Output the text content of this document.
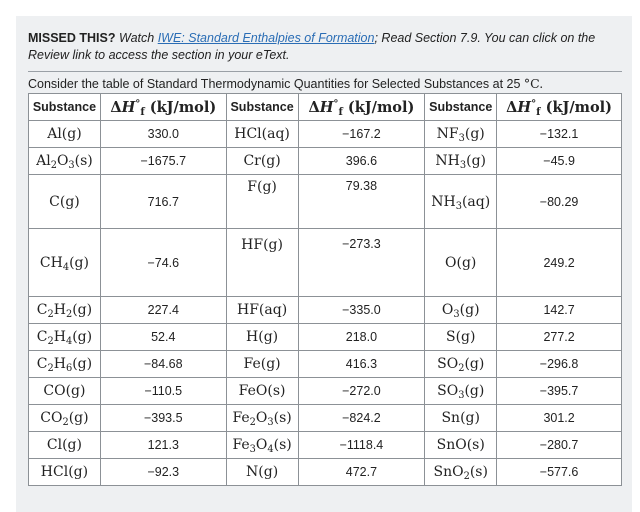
MISSED THIS? Watch IWE: Standard Enthalpies of Formation; Read Section 7.9. You can click on the Review link to access the section in your eText.
Consider the table of Standard Thermodynamic Quantities for Selected Substances at 25 °C.
Substance	$\Delta H^\circ_f$ (kJ/mol)	Substance	$\Delta H^\circ_f$ (kJ/mol)	Substance	$\Delta H^\circ_f$ (kJ/mol)
Al(g)	330.0	HCl(aq)	−167.2	$NF_3(g)$	−132.1
$Al_2O_3(s)$	−1675.7	Cr(g)	396.6	$NH_3(g)$	−45.9
C(g)	716.7	F(g)	79.38	$NH_3(aq)$	−80.29
$CH_4(g)$	−74.6	HF(g)	−273.3	O(g)	249.2
$C_2H_2(g)$	227.4	HF(aq)	−335.0	$O_3(g)$	142.7
$C_2H_4(g)$	52.4	H(g)	218.0	S(g)	277.2
$C_2H_6(g)$	−84.68	Fe(g)	416.3	$SO_2(g)$	−296.8
CO(g)	−110.5	FeO(s)	−272.0	$SO_3(g)$	−395.7
$CO_2(g)$	−393.5	$Fe_2O_3(s)$	−824.2	Sn(g)	301.2
Cl(g)	121.3	$Fe_3O_4(s)$	−1118.4	SnO(s)	−280.7
HCl(g)	−92.3	N(g)	472.7	SnO$_2$(s)	−577.6
